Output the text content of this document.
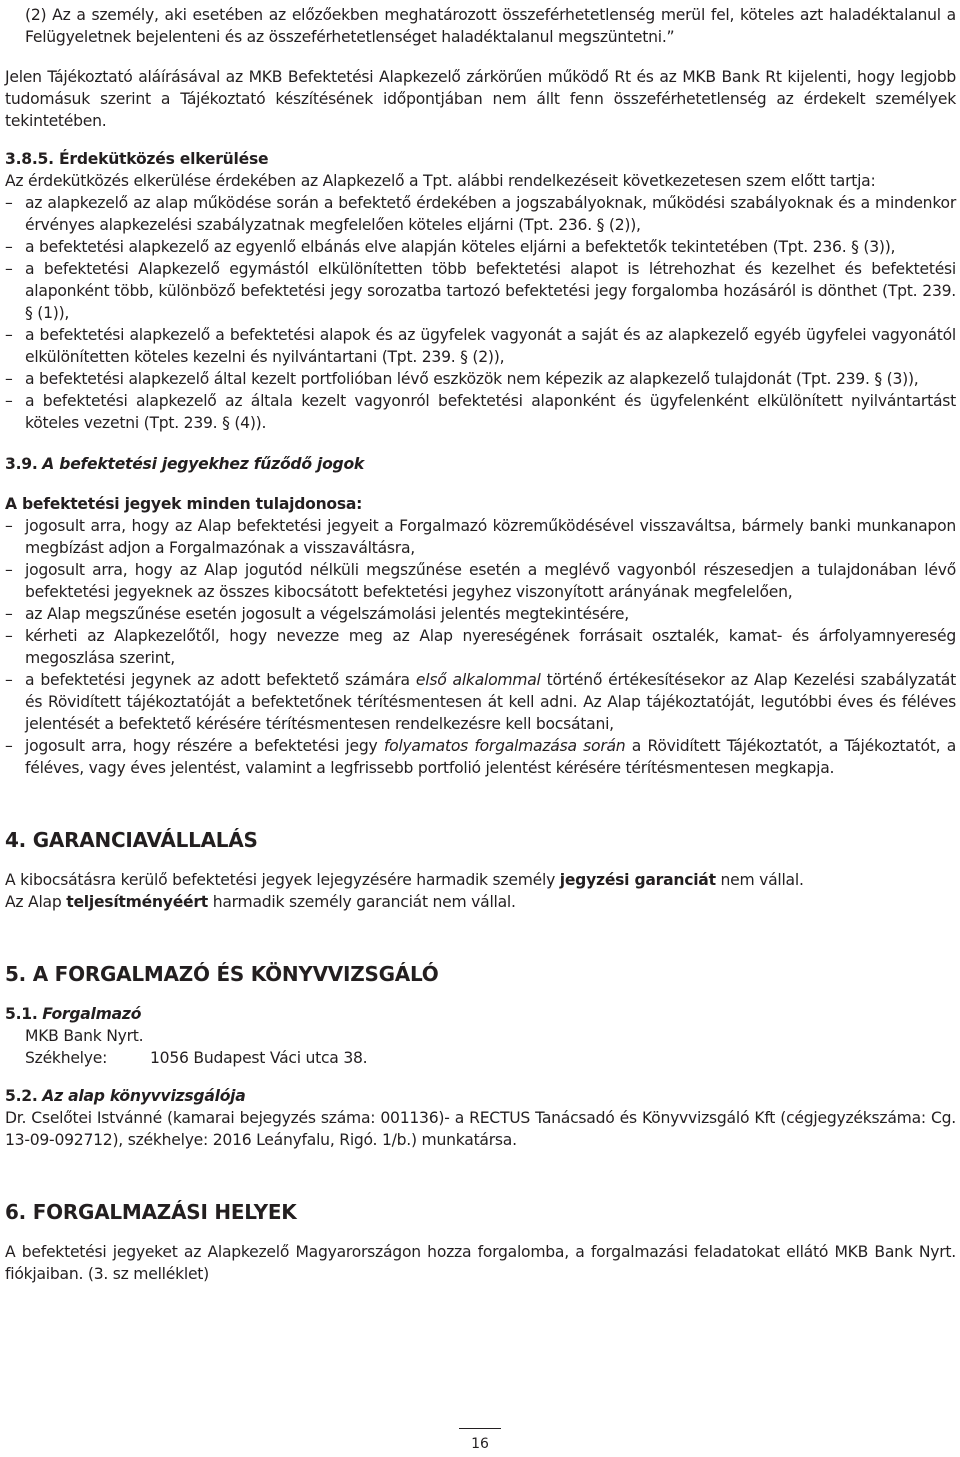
(2) Az a személy, aki esetében az előzőekben meghatározott összeférhetetlenség merül fel, köteles azt haladéktalanul a Felügyeletnek bejelenteni és az összeférhetetlenséget haladéktalanul megszüntetni.”

Jelen Tájékoztató aláírásával az MKB Befektetési Alapkezelő zárkörűen működő Rt és az MKB Bank Rt kijelenti, hogy legjobb tudomásuk szerint a Tájékoztató készítésének időpontjában nem állt fenn összeférhetetlenség az érdekelt személyek tekintetében.

3.8.5. Érdekütközés elkerülése

Az érdekütközés elkerülése érdekében az Alapkezelő a Tpt. alábbi rendelkezéseit következetesen szem előtt tartja:

– az alapkezelő az alap működése során a befektető érdekében a jogszabályoknak, működési szabályoknak és a mindenkor érvényes alapkezelési szabályzatnak megfelelően köteles eljárni (Tpt. 236. § (2)),
– a befektetési alapkezelő az egyenlő elbánás elve alapján köteles eljárni a befektetők tekintetében (Tpt. 236. § (3)),
– a befektetési Alapkezelő egymástól elkülönítetten több befektetési alapot is létrehozhat és kezelhet és befektetési alaponként több, különböző befektetési jegy sorozatba tartozó befektetési jegy forgalomba hozásáról is dönthet (Tpt. 239. § (1)),
– a befektetési alapkezelő a befektetési alapok és az ügyfelek vagyonát a saját és az alapkezelő egyéb ügyfelei vagyonától elkülönítetten köteles kezelni és nyilvántartani (Tpt. 239. § (2)),
– a befektetési alapkezelő által kezelt portfolióban lévő eszközök nem képezik az alapkezelő tulajdonát (Tpt. 239. § (3)),
– a befektetési alapkezelő az általa kezelt vagyonról befektetési alaponként és ügyfelenként elkülönített nyilvántartást köteles vezetni (Tpt. 239. § (4)).
3.9. A befektetési jegyekhez fűződő jogok
A befektetési jegyek minden tulajdonosa:
– jogosult arra, hogy az Alap befektetési jegyeit a Forgalmazó közreműködésével visszaváltsa, bármely banki munkanapon megbízást adjon a Forgalmazónak a visszaváltásra,
– jogosult arra, hogy az Alap jogutód nélküli megszűnése esetén a meglévő vagyonból részesedjen a tulajdonában lévő befektetési jegyeknek az összes kibocsátott befektetési jegyhez viszonyított arányának megfelelően,
– az Alap megszűnése esetén jogosult a végelszámolási jelentés megtekintésére,
– kérheti az Alapkezelőtől, hogy nevezze meg az Alap nyereségének forrásait osztalék, kamat- és árfolyamnyereség megoszlása szerint,
– a befektetési jegynek az adott befektető számára első alkalommal történő értékesítésekor az Alap Kezelési szabályzatát és Rövidített tájékoztatóját a befektetőnek térítésmentesen át kell adni. Az Alap tájékoztatóját, legutóbbi éves és féléves jelentését a befektető kérésére térítésmentesen rendelkezésre kell bocsátani,
– jogosult arra, hogy részére a befektetési jegy folyamatos forgalmazása során a Rövidített Tájékoztatót, a Tájékoztatót, a féléves, vagy éves jelentést, valamint a legfrissebb portfolió jelentést kérésére térítésmentesen megkapja.
4. GARANCIAVÁLLALÁS

A kibocsátásra kerülő befektetési jegyek lejegyzésére harmadik személy jegyzési garanciát nem vállal.

Az Alap teljesítményéért harmadik személy garanciát nem vállal.

5. A FORGALMAZÓ ÉS KÖNYVVIZSGÁLÓ
5.1. Forgalmazó
MKB Bank Nyrt.
Székhelye:	1056 Budapest Váci utca 38.
5.2. Az alap könyvvizsgálója

Dr. Cselőtei Istvánné (kamarai bejegyzés száma: 001136)- a RECTUS Tanácsadó és Könyvvizsgáló Kft (cégjegyzékszáma: Cg. 13-09-092712), székhelye: 2016 Leányfalu, Rigó. 1/b.) munkatársa.

6. FORGALMAZÁSI HELYEK

A befektetési jegyeket az Alapkezelő Magyarországon hozza forgalomba, a forgalmazási feladatokat ellátó MKB Bank Nyrt. fiókjaiban. (3. sz melléklet)

16
